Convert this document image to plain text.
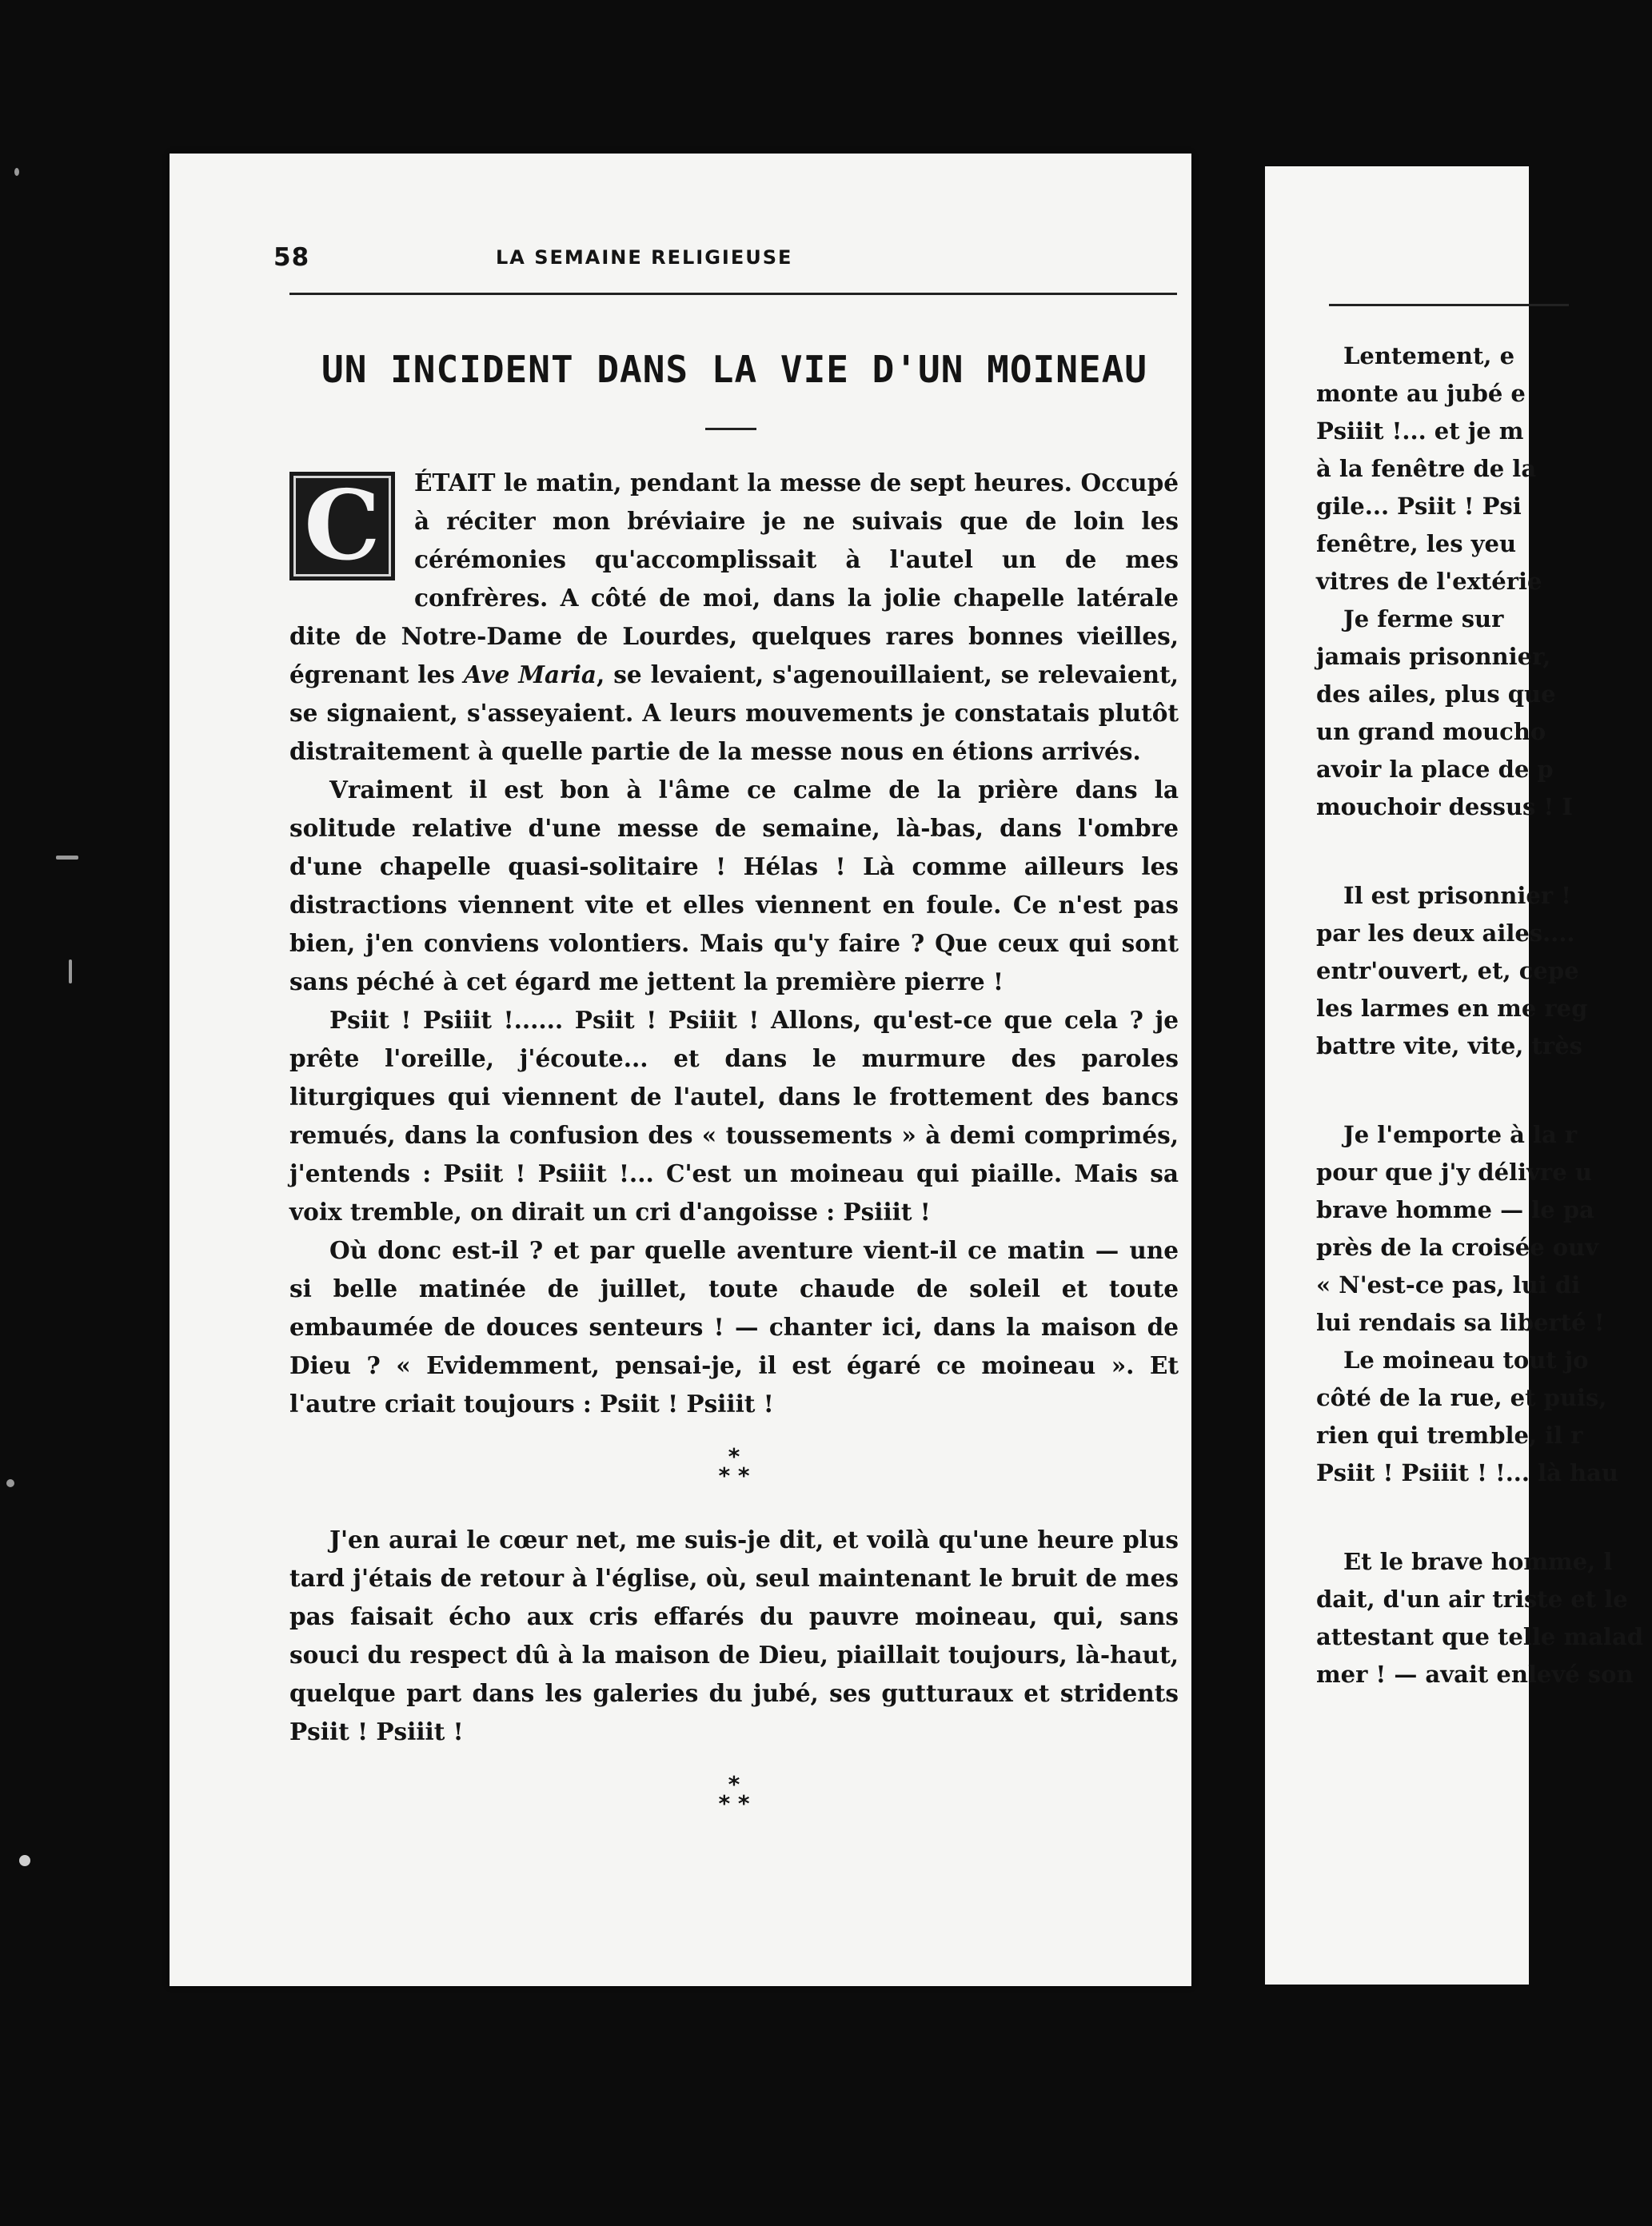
58	LA SEMAINE RELIGIEUSE
UN INCIDENT DANS LA VIE D'UN MOINEAU

C	ÉTAIT le matin, pendant la messe de sept heures. Occupé à réciter mon bréviaire je ne suivais que de loin les cérémonies qu'accomplissait à l'autel un de mes confrères. A côté de moi, dans la jolie chapelle latérale dite de Notre-Dame de Lourdes, quelques rares bonnes vieilles, égrenant les Ave Maria, se levaient, s'agenouillaient, se relevaient, se signaient, s'asseyaient. A leurs mouvements je constatais plutôt distraitement à quelle partie de la messe nous en étions arrivés.

Vraiment il est bon à l'âme ce calme de la prière dans la solitude relative d'une messe de semaine, là-bas, dans l'ombre d'une chapelle quasi-solitaire ! Hélas ! Là comme ailleurs les distractions viennent vite et elles viennent en foule. Ce n'est pas bien, j'en conviens volontiers. Mais qu'y faire ? Que ceux qui sont sans péché à cet égard me jettent la première pierre !

Psiit ! Psiiit !...... Psiit ! Psiiit ! Allons, qu'est-ce que cela ? je prête l'oreille, j'écoute... et dans le murmure des paroles liturgiques qui viennent de l'autel, dans le frottement des bancs remués, dans la confusion des « toussements » à demi comprimés, j'entends : Psiit ! Psiiit !... C'est un moineau qui piaille. Mais sa voix tremble, on dirait un cri d'angoisse : Psiiit !

Où donc est-il ? et par quelle aventure vient-il ce matin — une si belle matinée de juillet, toute chaude de soleil et toute embaumée de douces senteurs ! — chanter ici, dans la maison de Dieu ? « Evidemment, pensai-je, il est égaré ce moineau ». Et l'autre criait toujours : Psiit ! Psiiit !

*
* *

J'en aurai le cœur net, me suis-je dit, et voilà qu'une heure plus tard j'étais de retour à l'église, où, seul maintenant le bruit de mes pas faisait écho aux cris effarés du pauvre moineau, qui, sans souci du respect dû à la maison de Dieu, piaillait toujours, là-haut, quelque part dans les galeries du jubé, ses gutturaux et stridents Psiit ! Psiiit !

*
* *
Lentement, e
monte au jubé e
Psiiit !... et je m
à la fenêtre de la
gile... Psiit ! Psi
fenêtre, les yeu
vitres de l'extérie
Je ferme sur
jamais prisonnier,
des ailes, plus que
un grand moucho
avoir la place de p
mouchoir dessus ! I
Il est prisonnier !
par les deux ailes....
entr'ouvert, et, cepe
les larmes en me reg
battre vite, vite, très
Je l'emporte à la r
pour que j'y délivre u
brave homme — le pa
près de la croisée ouv
« N'est-ce pas, lui di
lui rendais sa liberté !
Le moineau tout jo
côté de la rue, et puis,
rien qui tremble, il r
Psiit ! Psiiit ! !... là hau
Et le brave homme, l
dait, d'un air triste et le
attestant que telle malad
mer ! — avait enlevé son
